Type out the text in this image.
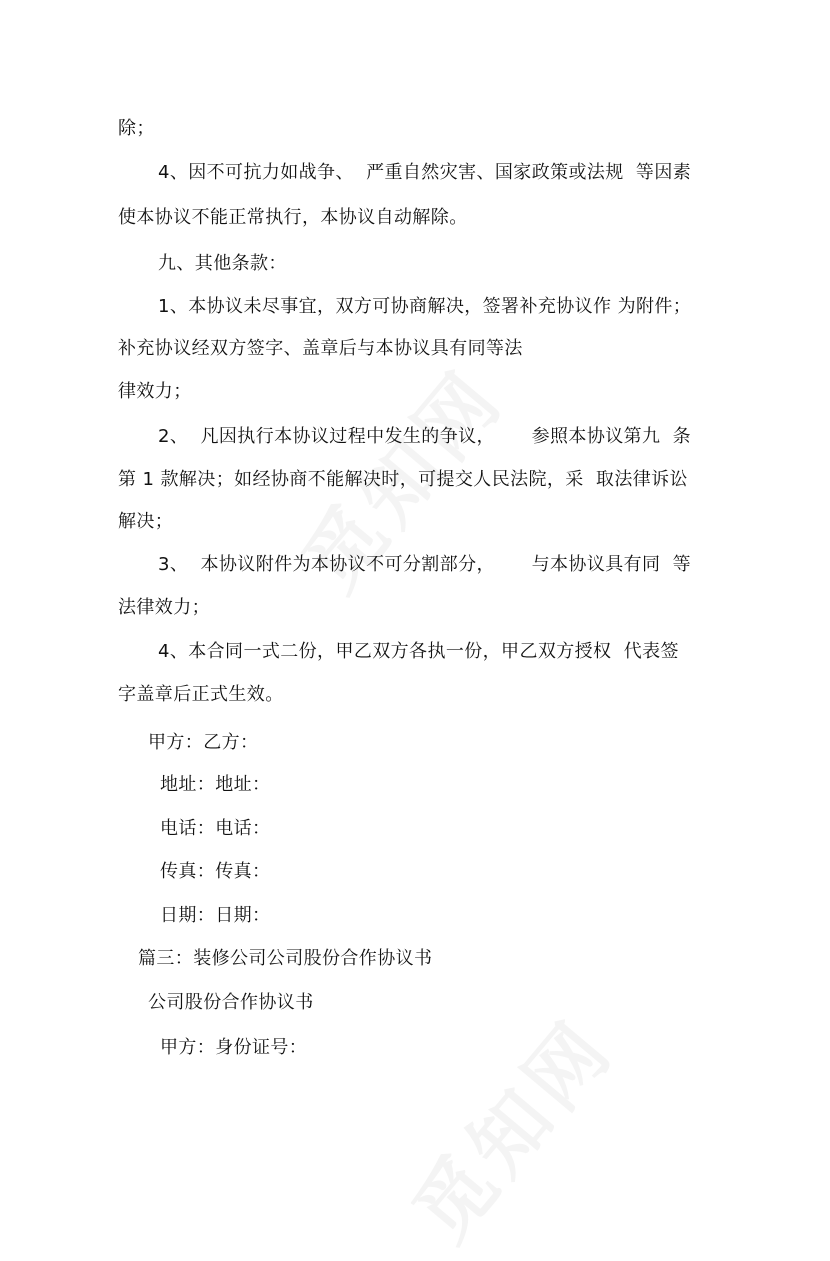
除；
4、因不可抗力如战争、  严重自然灾害、国家政策或法规  等因素
使本协议不能正常执行，本协议自动解除。
九、其他条款：
1、本协议未尽事宜，双方可协商解决，签署补充协议作 为附件；
补充协议经双方签字、盖章后与本协议具有同等法
律效力；
2、  凡因执行本协议过程中发生的争议，      参照本协议第九  条
第 1 款解决；如经协商不能解决时，可提交人民法院，采  取法律诉讼
解决；
3、  本协议附件为本协议不可分割部分，      与本协议具有同  等
法律效力；
4、本合同一式二份，甲乙双方各执一份，甲乙双方授权  代表签
字盖章后正式生效。
甲方：乙方：
地址：地址：
电话：电话：
传真：传真：
日期：日期：
篇三：装修公司公司股份合作协议书
公司股份合作协议书
甲方：身份证号：
